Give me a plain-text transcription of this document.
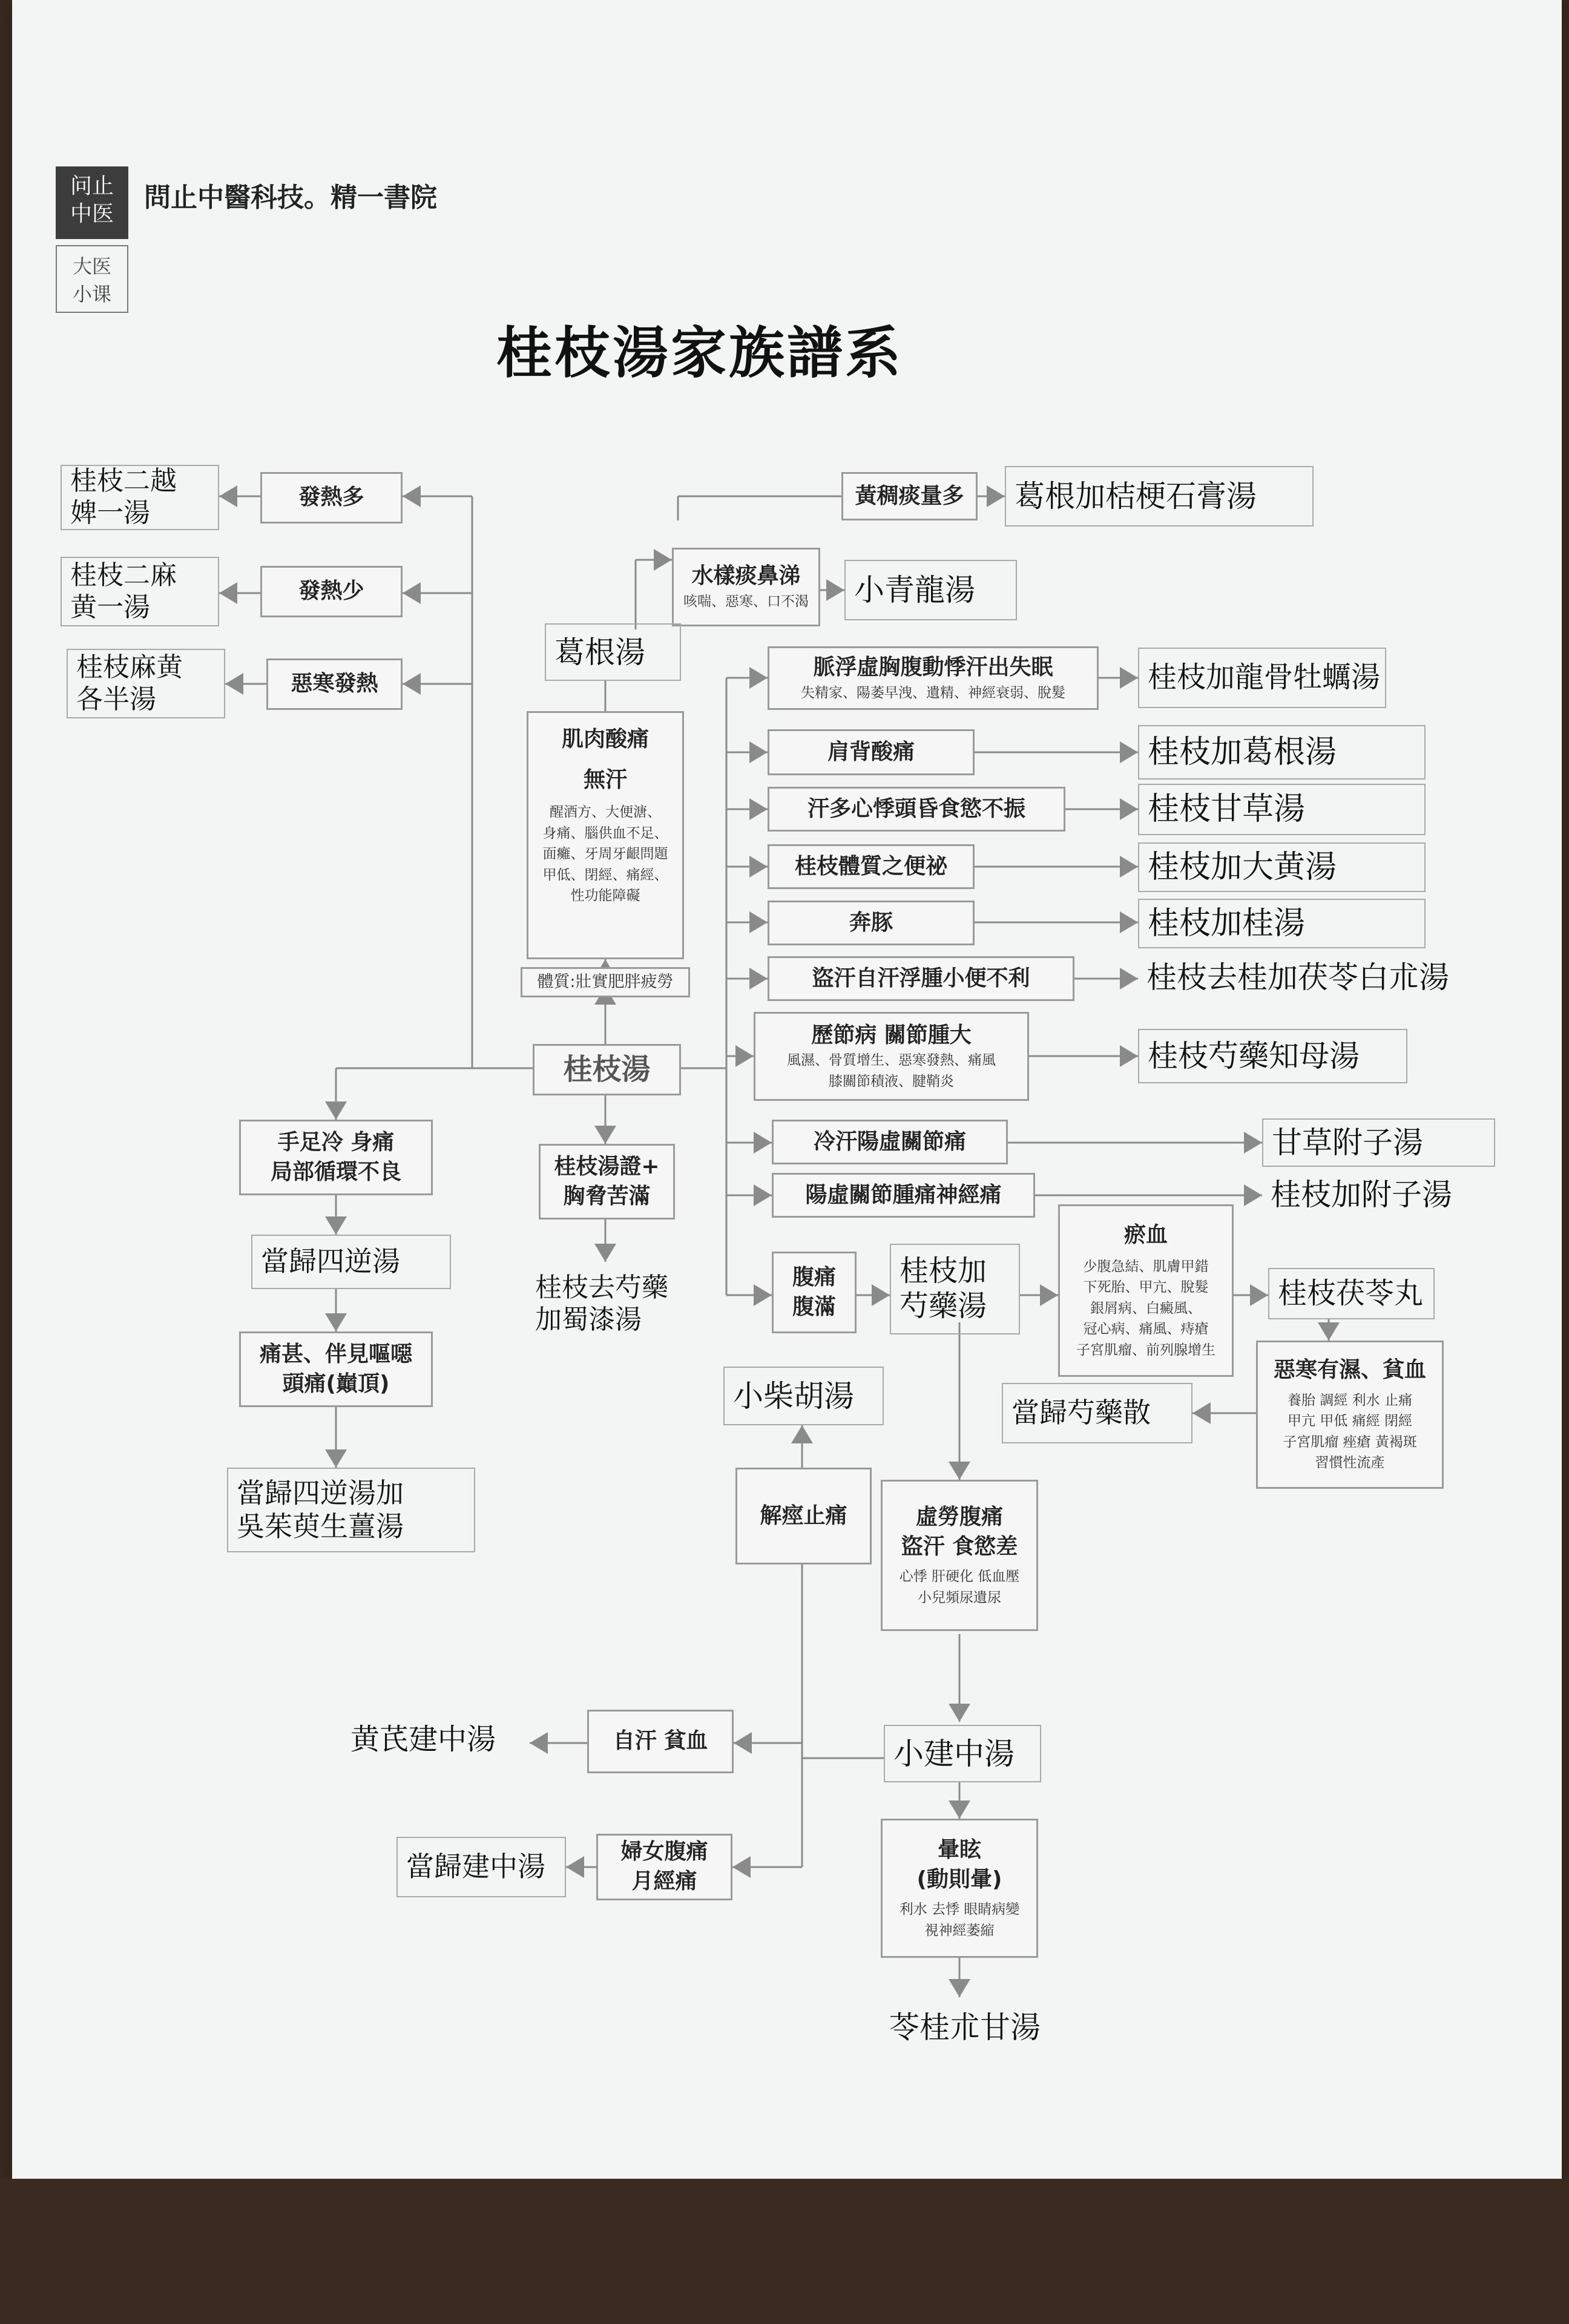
问止
中医
大医
小课
問止中醫科技。精一書院
桂枝湯家族譜系
桂枝湯
發熱多
發熱少
惡寒發熱
桂枝二越
婢一湯
桂枝二麻
黄一湯
桂枝麻黄
各半湯
手足冷 身痛
局部循環不良
當歸四逆湯
痛甚、伴見嘔噁
頭痛(巔頂)
當歸四逆湯加
吳茱萸生薑湯
黃稠痰量多 葛根加桔梗石膏湯
水樣痰鼻涕
咳喘、惡寒、口不渴 小青龍湯
葛根湯
肌肉酸痛
無汗
醒酒方、大便溏、
身痛、腦供血不足、
面癱、牙周牙齦問題
甲低、閉經、痛經、
性功能障礙
體質:壯實肥胖疲勞
桂枝湯證+
胸脅苦滿
桂枝去芍藥
加蜀漆湯
脈浮虛胸腹動悸汗出失眠
失精家、陽萎早洩、遺精、神經衰弱、脫髮	桂枝加龍骨牡蠣湯
肩背酸痛	桂枝加葛根湯
汗多心悸頭昏食慾不振	桂枝甘草湯
桂枝體質之便祕	桂枝加大黄湯
奔豚	桂枝加桂湯
盜汗自汗浮腫小便不利	桂枝去桂加茯苓白朮湯
歷節病 關節腫大
風濕、骨質增生、惡寒發熱、痛風
膝關節積液、腱鞘炎
桂枝芍藥知母湯
冷汗陽虛關節痛	甘草附子湯
陽虛關節腫痛神經痛	桂枝加附子湯
腹痛
腹滿
桂枝加
芍藥湯
瘀血
少腹急結、肌膚甲錯
下死胎、甲亢、脫髮
銀屑病、白癜風、
冠心病、痛風、痔瘡
子宮肌瘤、前列腺增生
桂枝茯苓丸
惡寒有濕、貧血
養胎 調經 利水 止痛
甲亢 甲低 痛經 閉經
子宮肌瘤 痤瘡 黃褐斑
習慣性流產
當歸芍藥散
小柴胡湯
解痙止痛	虛勞腹痛
盜汗 食慾差
心悸 肝硬化 低血壓
小兒頻尿遺尿
自汗 貧血
黄芪建中湯	小建中湯
婦女腹痛
月經痛
當歸建中湯
暈眩
(動則暈)
利水 去悸 眼睛病變
視神經萎縮
苓桂朮甘湯
